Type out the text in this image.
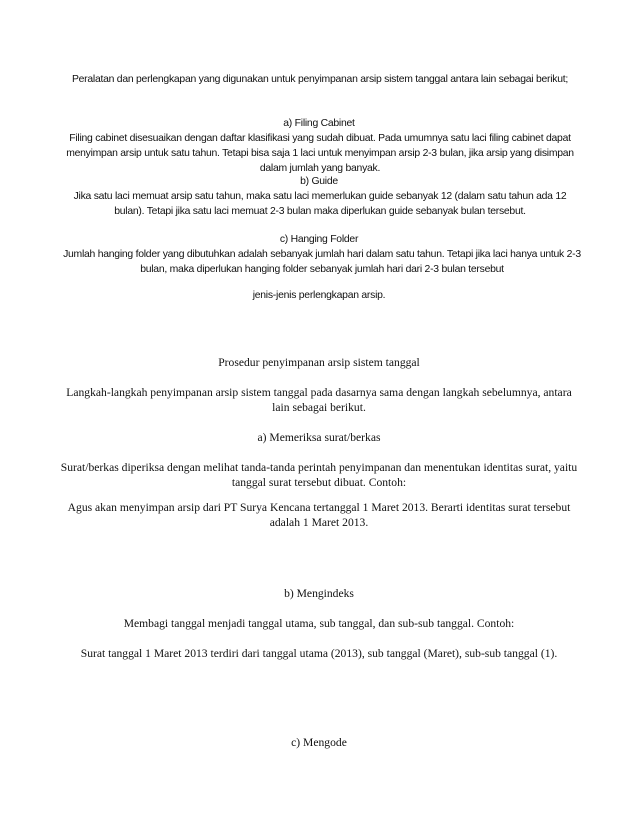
Peralatan dan perlengkapan yang digunakan untuk penyimpanan arsip sistem tanggal antara lain sebagai berikut;
a) Filing Cabinet
Filing cabinet disesuaikan dengan daftar klasifikasi yang sudah dibuat. Pada umumnya satu laci filing cabinet dapat menyimpan arsip untuk satu tahun. Tetapi bisa saja 1 laci untuk menyimpan arsip 2-3 bulan, jika arsip yang disimpan dalam jumlah yang banyak.
b) Guide
Jika satu laci memuat arsip satu tahun, maka satu laci memerlukan guide sebanyak 12 (dalam satu tahun ada 12 bulan). Tetapi jika satu laci memuat 2-3 bulan maka diperlukan guide sebanyak bulan tersebut.
c) Hanging Folder
Jumlah hanging folder yang dibutuhkan adalah sebanyak jumlah hari dalam satu tahun. Tetapi jika laci hanya untuk 2-3 bulan, maka diperlukan hanging folder sebanyak jumlah hari dari 2-3 bulan tersebut
jenis-jenis perlengkapan arsip.
Prosedur penyimpanan arsip sistem tanggal
Langkah-langkah penyimpanan arsip sistem tanggal pada dasarnya sama dengan langkah sebelumnya, antara lain sebagai berikut.
a) Memeriksa surat/berkas
Surat/berkas diperiksa dengan melihat tanda-tanda perintah penyimpanan dan menentukan identitas surat, yaitu tanggal surat tersebut dibuat. Contoh:
Agus akan menyimpan arsip dari PT Surya Kencana tertanggal 1 Maret 2013. Berarti identitas surat tersebut adalah 1 Maret 2013.
b) Mengindeks
Membagi tanggal menjadi tanggal utama, sub tanggal, dan sub-sub tanggal. Contoh:
Surat tanggal 1 Maret 2013 terdiri dari tanggal utama (2013), sub tanggal (Maret), sub-sub tanggal (1).
c) Mengode
